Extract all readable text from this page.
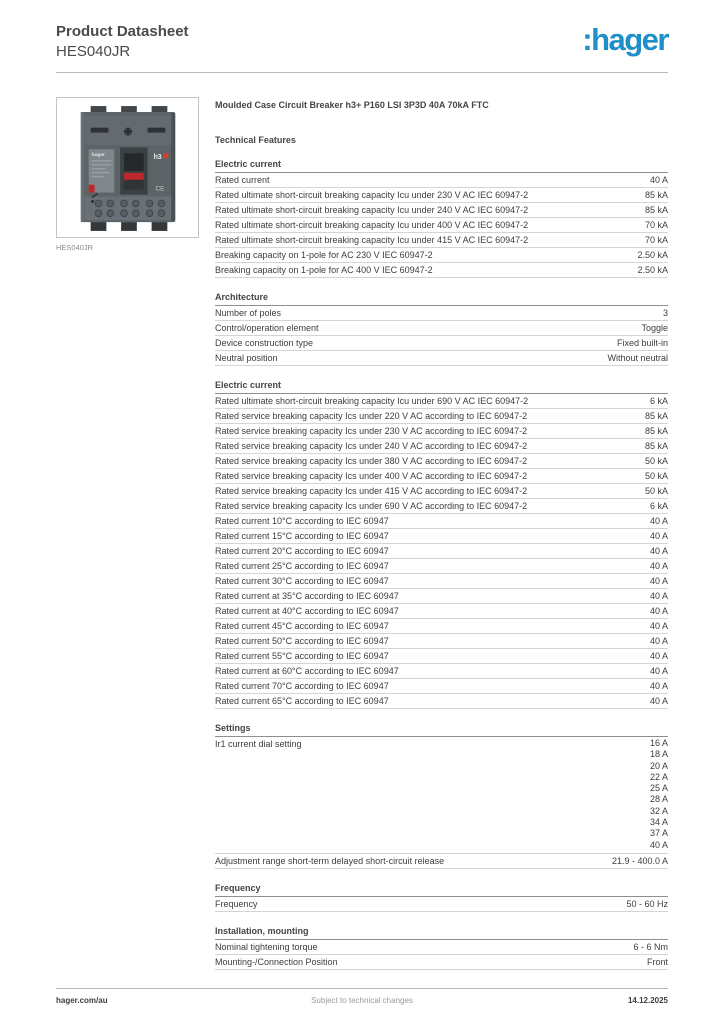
Product Datasheet
HES040JR	:hager
hager	h3
CE
HES040JR
Moulded Case Circuit Breaker h3+ P160 LSI 3P3D 40A 70kA FTC
Technical Features
Electric current
Rated current	40 A
Rated ultimate short-circuit breaking capacity Icu under 230 V AC IEC 60947-2	85 kA
Rated ultimate short-circuit breaking capacity Icu under 240 V AC IEC 60947-2	85 kA
Rated ultimate short-circuit breaking capacity Icu under 400 V AC IEC 60947-2	70 kA
Rated ultimate short-circuit breaking capacity Icu under 415 V AC IEC 60947-2	70 kA
Breaking capacity on 1-pole for AC 230 V IEC 60947-2	2.50 kA
Breaking capacity on 1-pole for AC 400 V IEC 60947-2	2.50 kA
Architecture
Number of poles	3
Control/operation element	Toggle
Device construction type	Fixed built-in
Neutral position	Without neutral
Electric current
Rated ultimate short-circuit breaking capacity Icu under 690 V AC IEC 60947-2	6 kA
Rated service breaking capacity Ics under 220 V AC according to IEC 60947-2	85 kA
Rated service breaking capacity Ics under 230 V AC according to IEC 60947-2	85 kA
Rated service breaking capacity Ics under 240 V AC according to IEC 60947-2	85 kA
Rated service breaking capacity Ics under 380 V AC according to IEC 60947-2	50 kA
Rated service breaking capacity Ics under 400 V AC according to IEC 60947-2	50 kA
Rated service breaking capacity Ics under 415 V AC according to IEC 60947-2	50 kA
Rated service breaking capacity Ics under 690 V AC according to IEC 60947-2	6 kA
Rated current 10°C according to IEC 60947	40 A
Rated current 15°C according to IEC 60947	40 A
Rated current 20°C according to IEC 60947	40 A
Rated current 25°C according to IEC 60947	40 A
Rated current 30°C according to IEC 60947	40 A
Rated current at 35°C according to IEC 60947	40 A
Rated current at 40°C according to IEC 60947	40 A
Rated current 45°C according to IEC 60947	40 A
Rated current 50°C according to IEC 60947	40 A
Rated current 55°C according to IEC 60947	40 A
Rated current at 60°C according to IEC 60947	40 A
Rated current 70°C according to IEC 60947	40 A
Rated current 65°C according to IEC 60947	40 A
Settings
Ir1 current dial setting	16 A
18 A
20 A
22 A
25 A
28 A
32 A
34 A
37 A
40 A
Adjustment range short-term delayed short-circuit release	21.9 - 400.0 A
Frequency
Frequency	50 - 60 Hz
Installation, mounting
Nominal tightening torque	6 - 6 Nm
Mounting-/Connection Position	Front
hager.com/au	Subject to technical changes	14.12.2025
